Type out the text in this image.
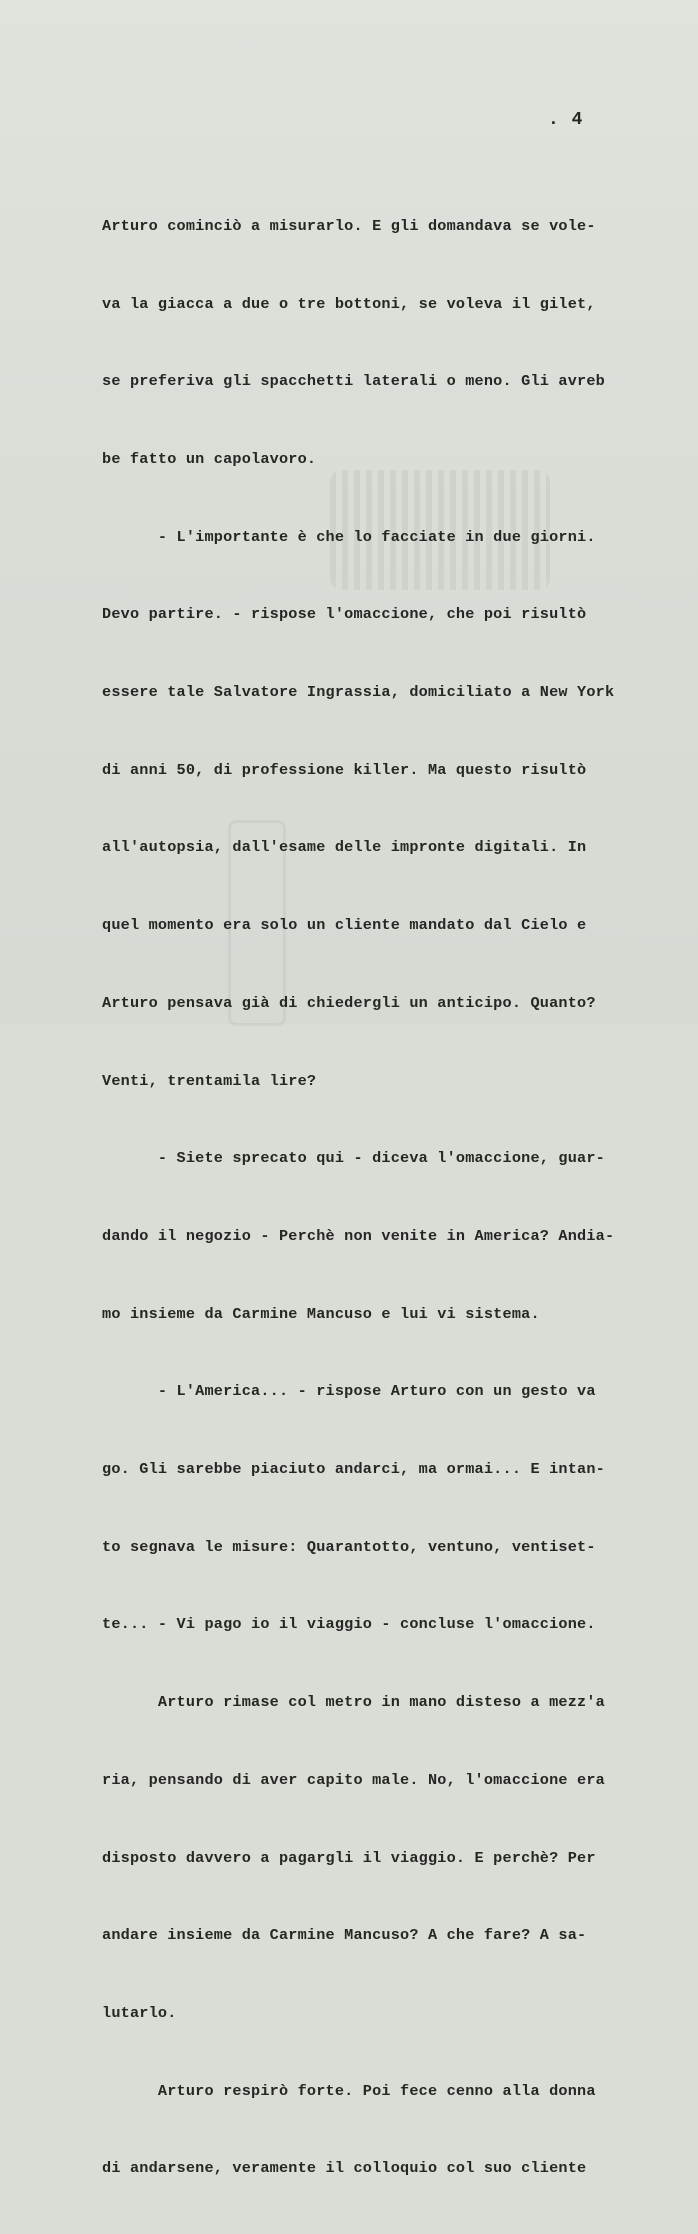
. 4

Arturo cominciò a misurarlo. E gli domandava se vole-

va la giacca a due o tre bottoni, se voleva il gilet,

se preferiva gli spacchetti laterali o meno. Gli avreb

be fatto un capolavoro.

- L'importante è che lo facciate in due giorni.

Devo partire. - rispose l'omaccione, che poi risultò

essere tale Salvatore Ingrassia, domiciliato a New York

di anni 50, di professione killer. Ma questo risultò

all'autopsia, dall'esame delle impronte digitali. In

quel momento era solo un cliente mandato dal Cielo e

Arturo pensava già di chiedergli un anticipo. Quanto?

Venti, trentamila lire?

- Siete sprecato qui - diceva l'omaccione, guar-

dando il negozio - Perchè non venite in America? Andia-

mo insieme da Carmine Mancuso e lui vi sistema.

- L'America... - rispose Arturo con un gesto va

go. Gli sarebbe piaciuto andarci, ma ormai... E intan-

to segnava le misure: Quarantotto, ventuno, ventiset-

te... - Vi pago io il viaggio - concluse l'omaccione.

Arturo rimase col metro in mano disteso a mezz'a

ria, pensando di aver capito male. No, l'omaccione era

disposto davvero a pagargli il viaggio. E perchè? Per

andare insieme da Carmine Mancuso? A che fare? A sa-

lutarlo.

Arturo respirò forte. Poi fece cenno alla donna

di andarsene, veramente il colloquio col suo cliente
